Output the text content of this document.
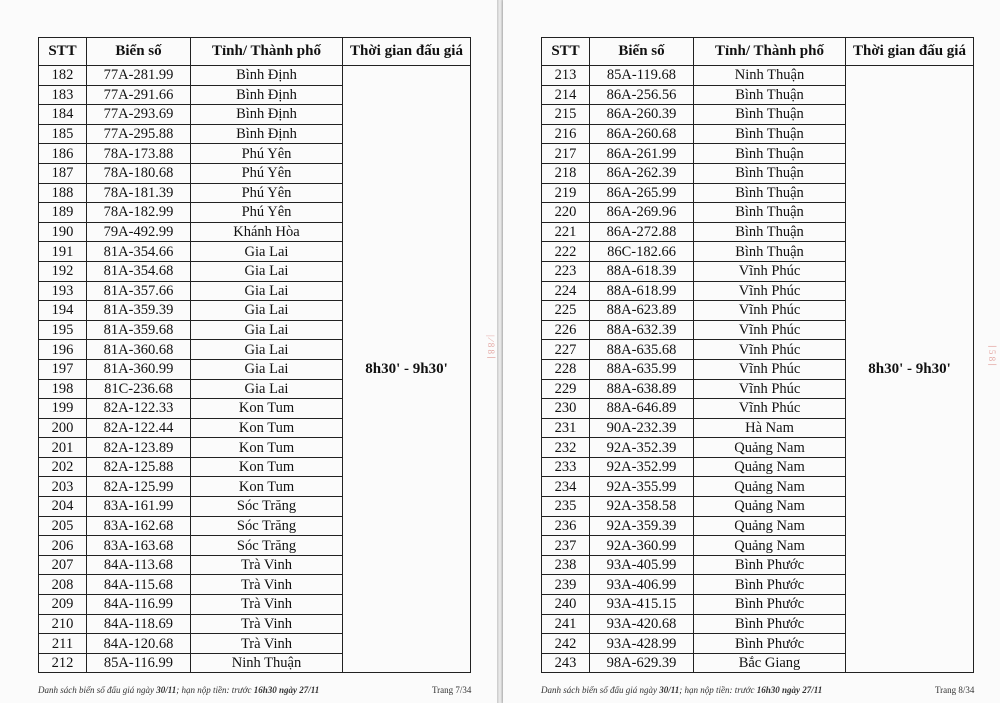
STT	Biển số	Tỉnh/ Thành phố	Thời gian đấu giá
182	77A-281.99	Bình Định	8h30' - 9h30'
183	77A-291.66	Bình Định	
184	77A-293.69	Bình Định	
185	77A-295.88	Bình Định	
186	78A-173.88	Phú Yên	
187	78A-180.68	Phú Yên	
188	78A-181.39	Phú Yên	
189	78A-182.99	Phú Yên	
190	79A-492.99	Khánh Hòa	
191	81A-354.66	Gia Lai	
192	81A-354.68	Gia Lai	
193	81A-357.66	Gia Lai	
194	81A-359.39	Gia Lai	
195	81A-359.68	Gia Lai	
196	81A-360.68	Gia Lai	
197	81A-360.99	Gia Lai	
198	81C-236.68	Gia Lai	
199	82A-122.33	Kon Tum	
200	82A-122.44	Kon Tum	
201	82A-123.89	Kon Tum	
202	82A-125.88	Kon Tum	
203	82A-125.99	Kon Tum	
204	83A-161.99	Sóc Trăng	
205	83A-162.68	Sóc Trăng	
206	83A-163.68	Sóc Trăng	
207	84A-113.68	Trà Vinh	
208	84A-115.68	Trà Vinh	
209	84A-116.99	Trà Vinh	
210	84A-118.69	Trà Vinh	
211	84A-120.68	Trà Vinh	
212	85A-116.99	Ninh Thuận	
Danh sách biển số đấu giá ngày 30/11; hạn nộp tiền: trước 16h30 ngày 27/11	Trang 7/34
| ∕ 8 8 ∣
STT	Biển số	Tỉnh/ Thành phố	Thời gian đấu giá
213	85A-119.68	Ninh Thuận	8h30' - 9h30'
214	86A-256.56	Bình Thuận	
215	86A-260.39	Bình Thuận	
216	86A-260.68	Bình Thuận	
217	86A-261.99	Bình Thuận	
218	86A-262.39	Bình Thuận	
219	86A-265.99	Bình Thuận	
220	86A-269.96	Bình Thuận	
221	86A-272.88	Bình Thuận	
222	86C-182.66	Bình Thuận	
223	88A-618.39	Vĩnh Phúc	
224	88A-618.99	Vĩnh Phúc	
225	88A-623.89	Vĩnh Phúc	
226	88A-632.39	Vĩnh Phúc	
227	88A-635.68	Vĩnh Phúc	
228	88A-635.99	Vĩnh Phúc	
229	88A-638.89	Vĩnh Phúc	
230	88A-646.89	Vĩnh Phúc	
231	90A-232.39	Hà Nam	
232	92A-352.39	Quảng Nam	
233	92A-352.99	Quảng Nam	
234	92A-355.99	Quảng Nam	
235	92A-358.58	Quảng Nam	
236	92A-359.39	Quảng Nam	
237	92A-360.99	Quảng Nam	
238	93A-405.99	Bình Phước	
239	93A-406.99	Bình Phước	
240	93A-415.15	Bình Phước	
241	93A-420.68	Bình Phước	
242	93A-428.99	Bình Phước	
243	98A-629.39	Bắc Giang	
Danh sách biển số đấu giá ngày 30/11; hạn nộp tiền: trước 16h30 ngày 27/11	Trang 8/34
∣ 5 8 ∣
